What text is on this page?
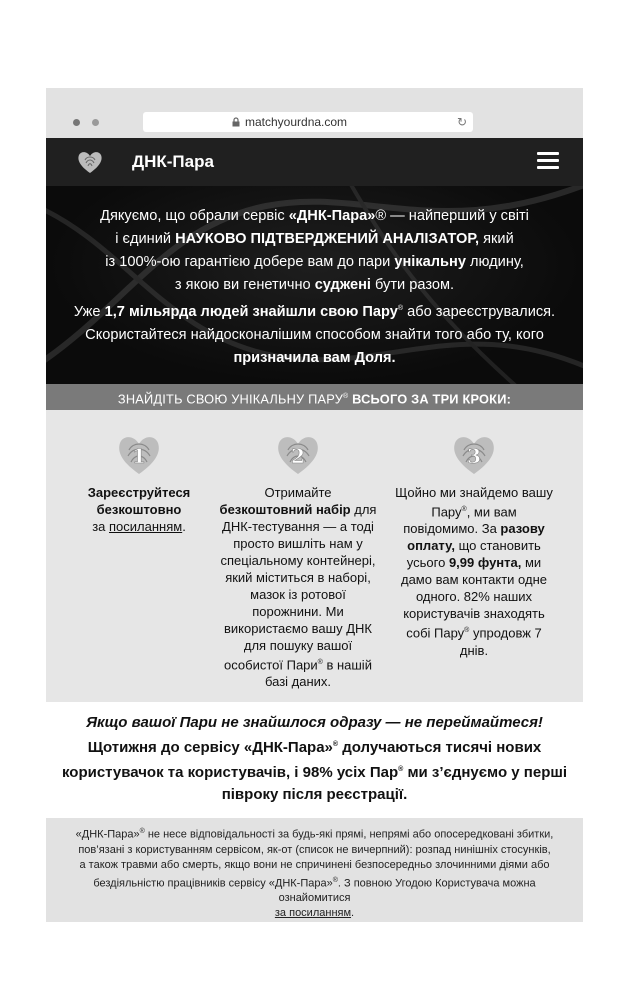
matchyourdna.com	↻
ДНК-Пара

Дякуємо, що обрали сервіс «ДНК-Пара»® — найперший у світі

і єдиний НАУКОВО ПІДТВЕРДЖЕНИЙ АНАЛІЗАТОР, який

із 100%-ою гарантією добере вам до пари унікальну людину,

з якою ви генетично суджені бути разом.

Уже 1,7 мільярда людей знайшли свою Пару® або зареєструвалися.

Скористайтеся найдосконалішим способом знайти того або ту, кого

призначила вам Доля.

ЗНАЙДІТЬ СВОЮ УНІКАЛЬНУ ПАРУ® ВСЬОГО ЗА ТРИ КРОКИ:
1
Зареєструйтеся безкоштовно
за посиланням.
2
Отримайте безкоштовний набір для ДНК-тестування — а тоді просто вишліть нам у спеціальному контейнері, який міститься в наборі, мазок із ротової порожнини. Ми використаємо вашу ДНК для пошуку вашої особистої Пари® в нашій базі даних.
3
Щойно ми знайдемо вашу Пару®, ми вам повідомимо. За разову оплату, що становить усього 9,99 фунта, ми дамо вам контакти одне одного. 82% наших користувачів знаходять собі Пару® упродовж 7 днів.
Якщо вашої Пари не знайшлося одразу — не переймайтеся!
Щотижня до сервісу «ДНК-Пара»® долучаються тисячі нових користувачок та користувачів, і 98% усіх Пар® ми з’єднуємо у перші півроку після реєстрації.
«ДНК-Пара»® не несе відповідальності за будь-які прямі, непрямі або опосередковані збитки, пов’язані з користуванням сервісом, як-от (список не вичерпний): розпад нинішніх стосунків, а також травми або смерть, якщо вони не спричинені безпосередньо злочинними діями або бездіяльністю працівників сервісу «ДНК-Пара»®. З повною Угодою Користувача можна ознайомитися
за посиланням.
